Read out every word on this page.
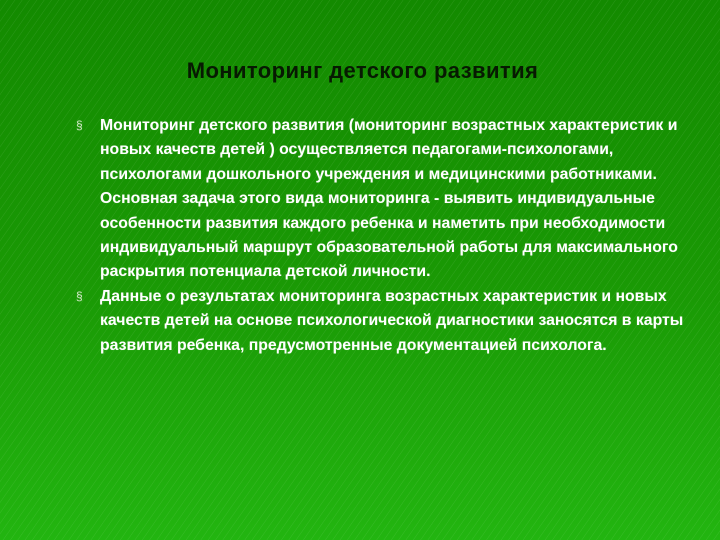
Мониторинг детского развития
§ Мониторинг детского развития (мониторинг возрастных характеристик и новых качеств детей ) осуществляется педагогами-психологами, психологами дошкольного учреждения и медицинскими работниками. Основная задача этого вида мониторинга - выявить индивидуальные особенности развития каждого ребенка и наметить при необходимости индивидуальный маршрут образовательной работы для максимального раскрытия потенциала детской личности.
§ Данные о результатах мониторинга возрастных характеристик и новых качеств детей на основе психологической диагностики заносятся в карты развития ребенка, предусмотренные документацией психолога.
